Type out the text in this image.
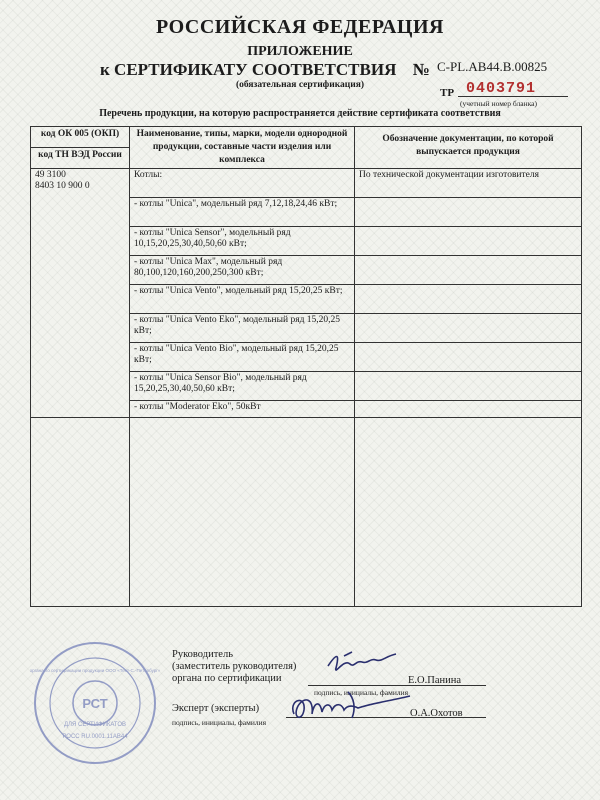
РОССИЙСКАЯ ФЕДЕРАЦИЯ
ПРИЛОЖЕНИЕ
к СЕРТИФИКАТУ СООТВЕТСТВИЯ № C-PL.AB44.B.00825
(обязательная сертификация)
ТР 0403791
(учетный номер бланка)
Перечень продукции, на которую распространяется действие сертификата соответствия
код ОК 005 (ОКП)	Наименование, типы, марки, модели однородной продукции, составные части изделия или комплекса	Обозначение документации, по которой выпускается продукция
код ТН ВЭД России		

49 3100
8403 10 900 0	Котлы:	По технической документации изготовителя
	- котлы "Unica", модельный ряд 7,12,18,24,46 кВт;	
	- котлы "Unica Sensor", модельный ряд 10,15,20,25,30,40,50,60 кВт;	
	- котлы "Unica Max", модельный ряд 80,100,120,160,200,250,300 кВт;	
	- котлы "Unica Vento", модельный ряд 15,20,25 кВт;	
	- котлы "Unica Vento Eko", модельный ряд 15,20,25 кВт;	
	- котлы "Unica Vento Bio", модельный ряд 15,20,25 кВт;	
	- котлы "Unica Sensor Bio", модельный ряд 15,20,25,30,40,50,60 кВт;	
	- котлы "Moderator Eko", 50кВт	

РСТ
ДЛЯ СЕРТИФИКАТОВ
РОСС RU.0001.11АВ44
органа по сертификации продукции ООО «Тест-С.-Петербург»
Руководитель
(заместитель руководителя)
органа по сертификации
подпись, инициалы, фамилия
Е.О.Панина
Эксперт (эксперты)
подпись, инициалы, фамилия
О.А.Охотов
